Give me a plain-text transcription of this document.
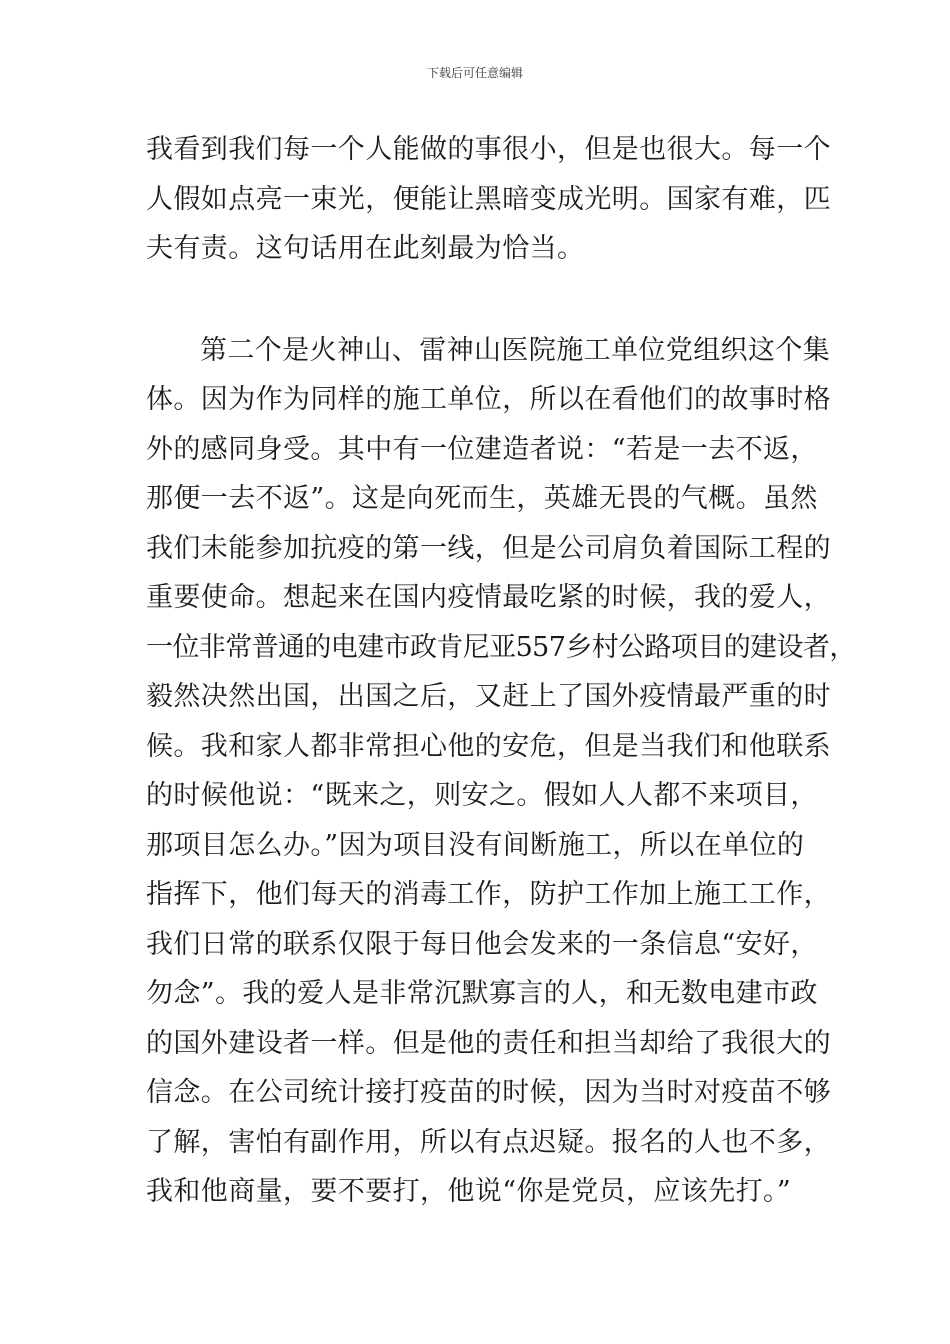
下载后可任意编辑
我看到我们每一个人能做的事很小，但是也很大。每一个
人假如点亮一束光，便能让黑暗变成光明。国家有难，匹
夫有责。这句话用在此刻最为恰当。
第二个是火神山、雷神山医院施工单位党组织这个集
体。因为作为同样的施工单位，所以在看他们的故事时格
外的感同身受。其中有一位建造者说：“若是一去不返，
那便一去不返”。这是向死而生，英雄无畏的气概。虽然
我们未能参加抗疫的第一线，但是公司肩负着国际工程的
重要使命。想起来在国内疫情最吃紧的时候，我的爱人，
一位非常普通的电建市政肯尼亚557乡村公路项目的建设者，
毅然决然出国，出国之后，又赶上了国外疫情最严重的时
候。我和家人都非常担心他的安危，但是当我们和他联系
的时候他说：“既来之，则安之。假如人人都不来项目，
那项目怎么办。”因为项目没有间断施工，所以在单位的
指挥下，他们每天的消毒工作，防护工作加上施工工作，
我们日常的联系仅限于每日他会发来的一条信息“安好，
勿念”。我的爱人是非常沉默寡言的人，和无数电建市政
的国外建设者一样。但是他的责任和担当却给了我很大的
信念。在公司统计接打疫苗的时候，因为当时对疫苗不够
了解，害怕有副作用，所以有点迟疑。报名的人也不多，
我和他商量，要不要打，他说“你是党员，应该先打。”
